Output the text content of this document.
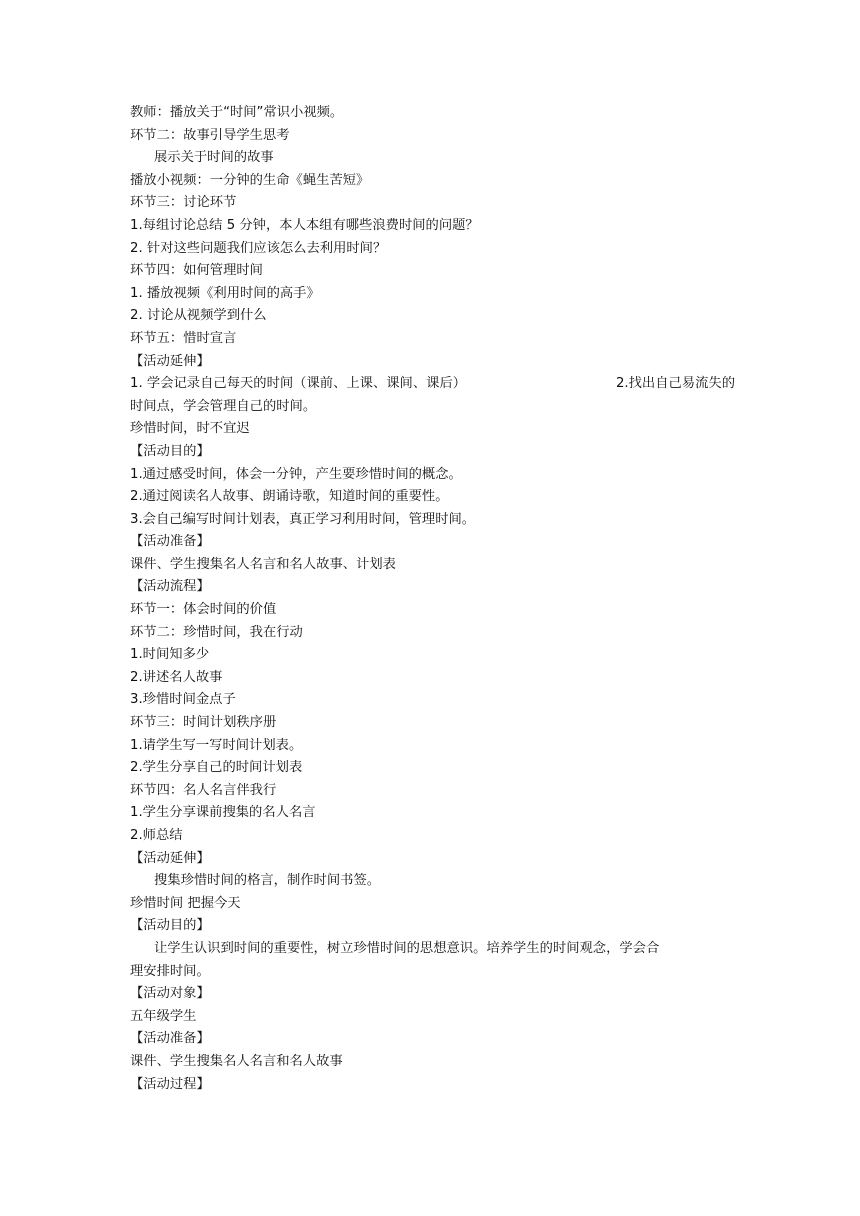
教师：播放关于“时间”常识小视频。
环节二：故事引导学生思考
展示关于时间的故事
播放小视频：一分钟的生命《蝇生苦短》
环节三：讨论环节
1.每组讨论总结 5 分钟，本人本组有哪些浪费时间的问题？
2. 针对这些问题我们应该怎么去利用时间？
环节四：如何管理时间
1. 播放视频《利用时间的高手》
2. 讨论从视频学到什么
环节五：惜时宣言
【活动延伸】
1. 学会记录自己每天的时间（课前、上课、课间、课后）	2.找出自己易流失的
时间点，学会管理自己的时间。
珍惜时间，时不宜迟
【活动目的】
1.通过感受时间，体会一分钟，产生要珍惜时间的概念。
2.通过阅读名人故事、朗诵诗歌，知道时间的重要性。
3.会自己编写时间计划表，真正学习利用时间，管理时间。
【活动准备】
课件、学生搜集名人名言和名人故事、计划表
【活动流程】
环节一：体会时间的价值
环节二：珍惜时间，我在行动
1.时间知多少
2.讲述名人故事
3.珍惜时间金点子
环节三：时间计划秩序册
1.请学生写一写时间计划表。
2.学生分享自己的时间计划表
环节四：名人名言伴我行
1.学生分享课前搜集的名人名言
2.师总结
【活动延伸】
搜集珍惜时间的格言，制作时间书签。
珍惜时间 把握今天
【活动目的】
让学生认识到时间的重要性，树立珍惜时间的思想意识。培养学生的时间观念，学会合
理安排时间。
【活动对象】
五年级学生
【活动准备】
课件、学生搜集名人名言和名人故事
【活动过程】
